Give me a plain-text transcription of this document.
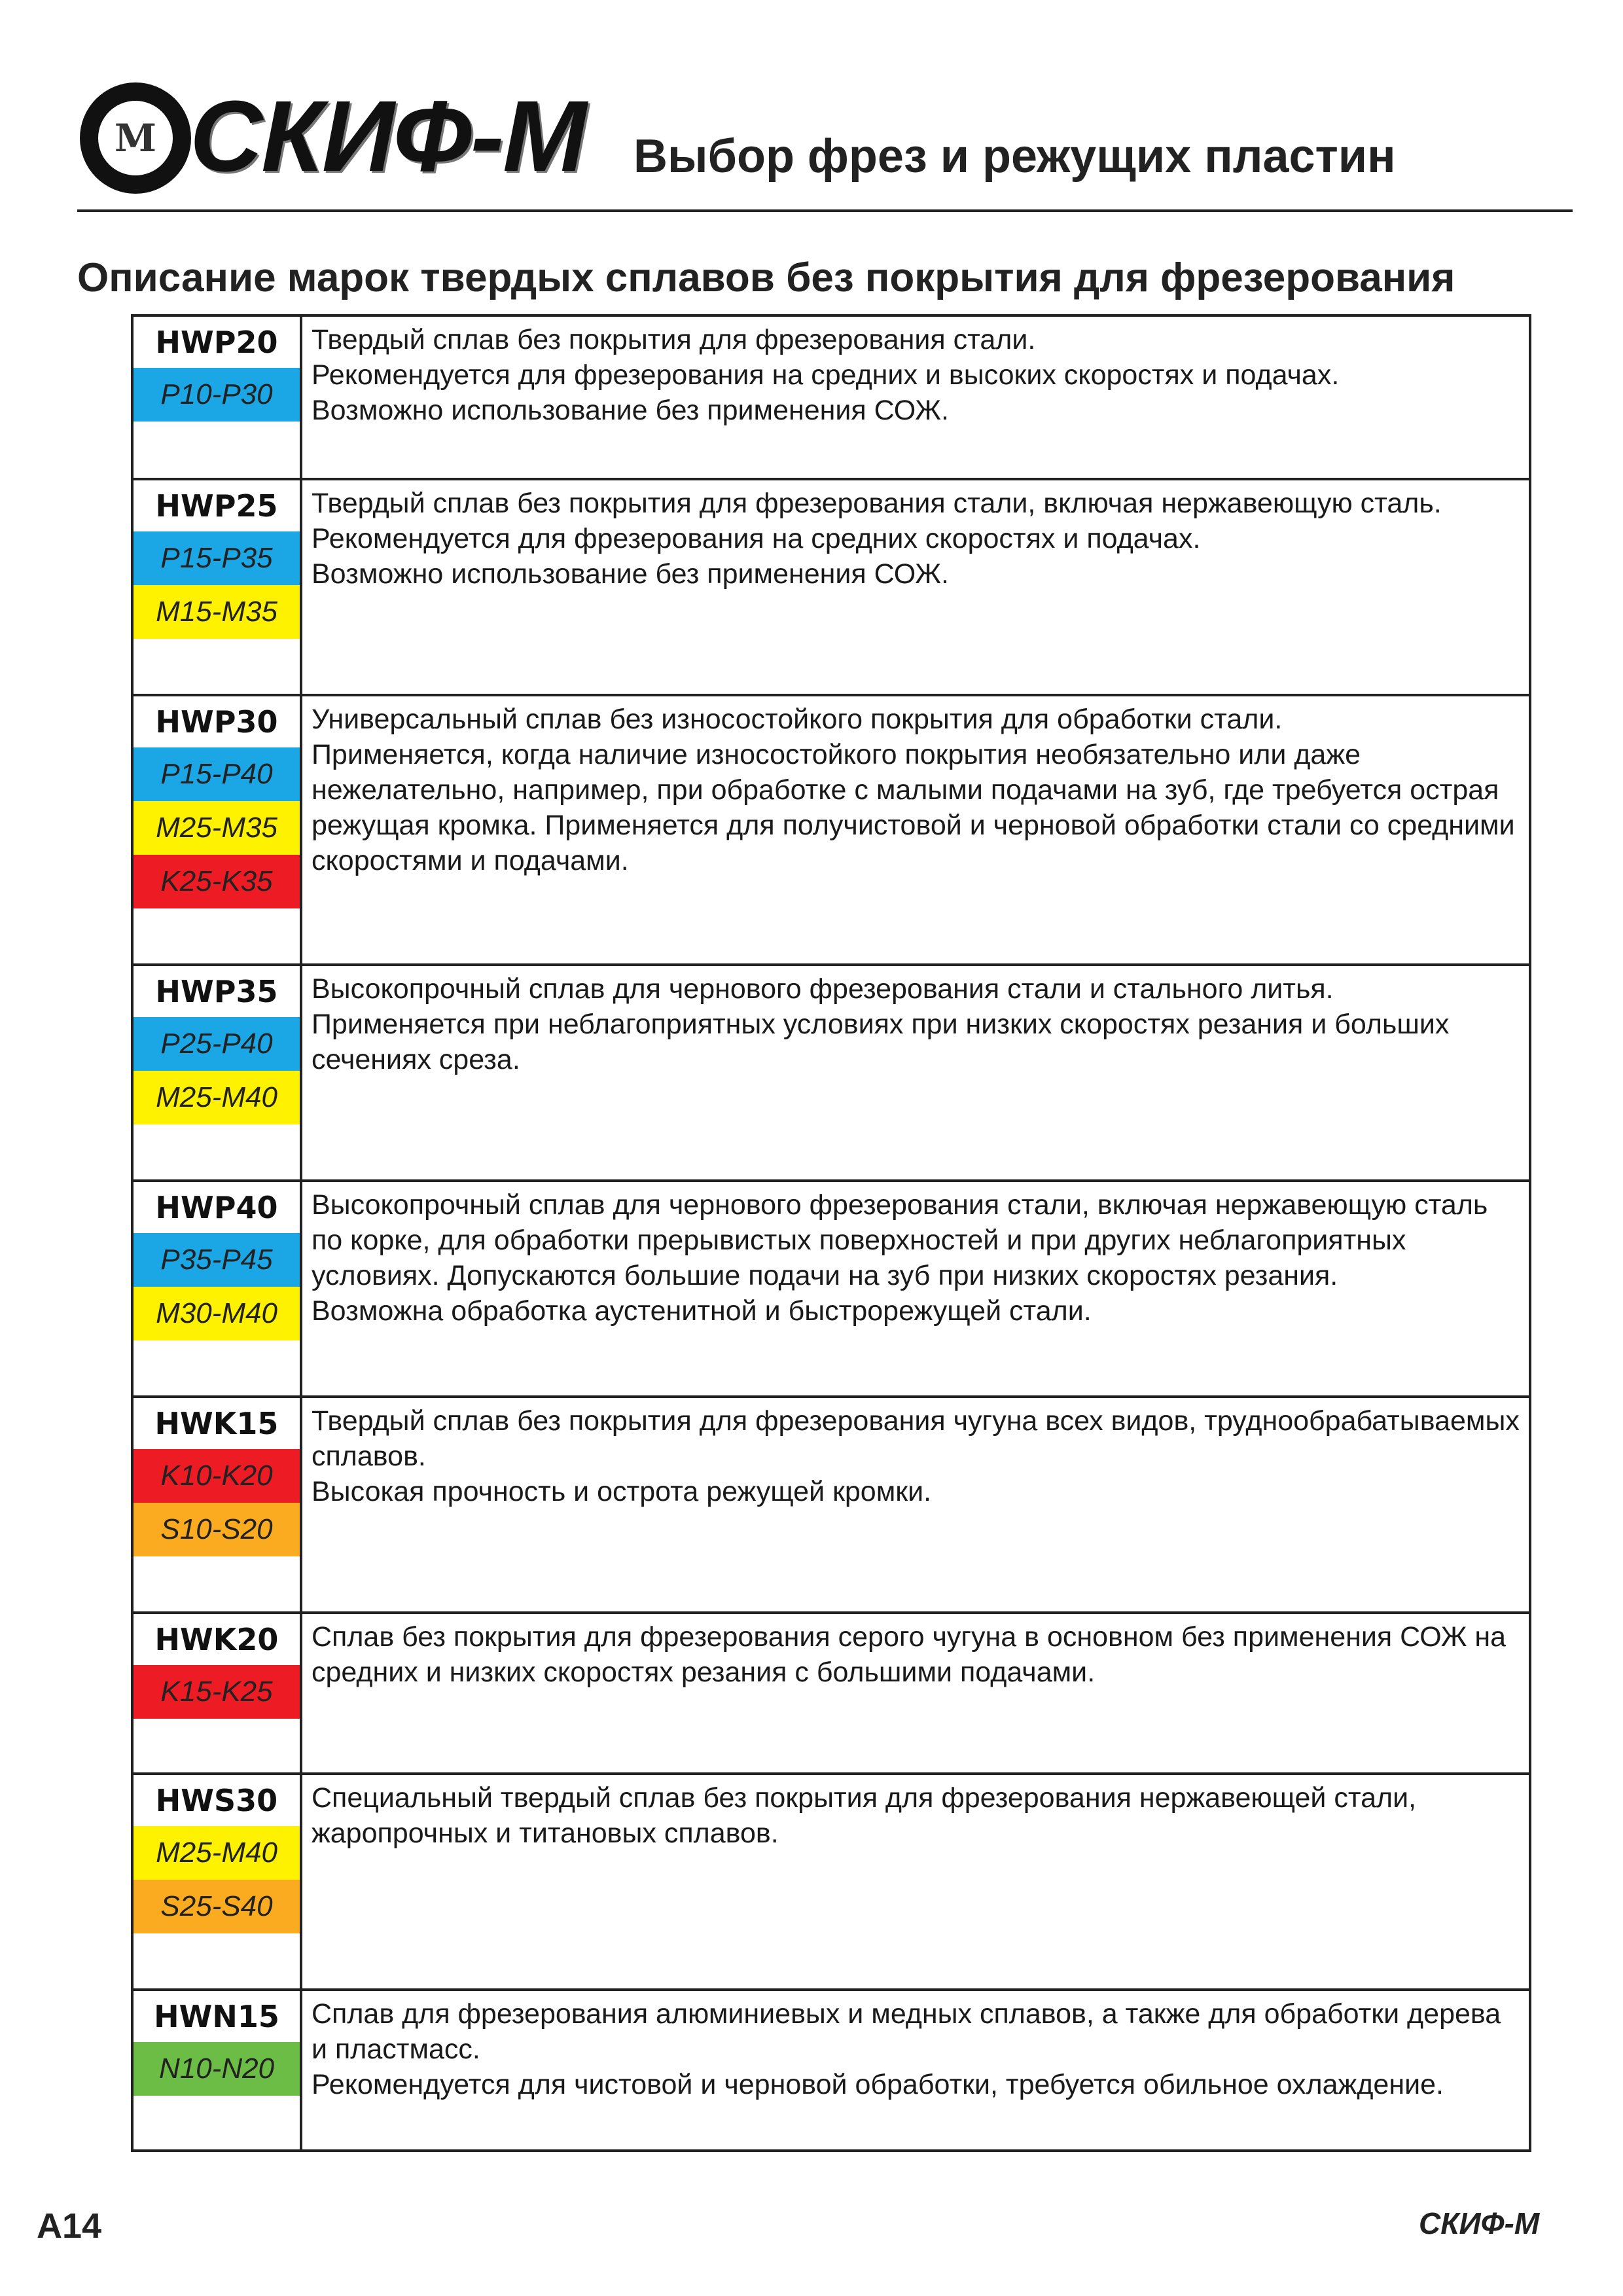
М СКИФ-М Выбор фрез и режущих пластин
Описание марок твердых сплавов без покрытия для фрезерования
HWP20
P10-P30

Твердый сплав без покрытия для фрезерования стали.

Рекомендуется для фрезерования на средних и высоких скоростях и подачах.

Возможно использование без применения СОЖ.

HWP25
P15-P35
M15-M35

Твердый сплав без покрытия для фрезерования стали, включая нержавеющую сталь.

Рекомендуется для фрезерования на средних скоростях и подачах.

Возможно использование без применения СОЖ.

HWP30
P15-P40
M25-M35
K25-K35

Универсальный сплав без износостойкого покрытия для обработки стали.

Применяется, когда наличие износостойкого покрытия необязательно или даже нежелательно, например, при обработке с малыми подачами на зуб, где требуется острая режущая кромка. Применяется для получистовой и черновой обработки стали со средними скоростями и подачами.

HWP35
P25-P40
M25-M40

Высокопрочный сплав для чернового фрезерования стали и стального литья.

Применяется при неблагоприятных условиях при низких скоростях резания и больших сечениях среза.

HWP40
P35-P45
M30-M40

Высокопрочный сплав для чернового фрезерования стали, включая нержавеющую сталь по корке, для обработки прерывистых поверхностей и при других неблагоприятных условиях. Допускаются большие подачи на зуб при низких скоростях резания.

Возможна обработка аустенитной и быстрорежущей стали.

HWK15
K10-K20
S10-S20

Твердый сплав без покрытия для фрезерования чугуна всех видов, труднообрабатываемых сплавов.

Высокая прочность и острота режущей кромки.

HWK20
K15-K25

Сплав без покрытия для фрезерования серого чугуна в основном без применения СОЖ на средних и низких скоростях резания с большими подачами.

HWS30
M25-M40
S25-S40

Специальный твердый сплав без покрытия для фрезерования нержавеющей стали, жаропрочных и титановых сплавов.

HWN15
N10-N20

Сплав для фрезерования алюминиевых и медных сплавов, а также для обработки дерева и пластмасс.

Рекомендуется для чистовой и черновой обработки, требуется обильное охлаждение.

A14	СКИФ-М
